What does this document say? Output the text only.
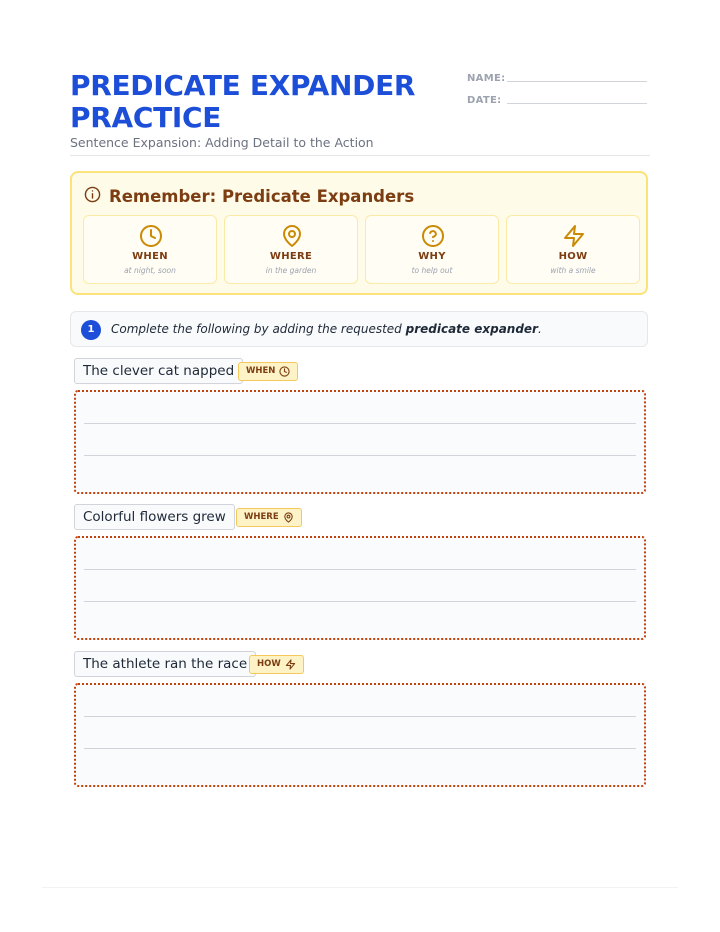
PREDICATE EXPANDER PRACTICE
Sentence Expansion: Adding Detail to the Action
NAME:
DATE:
Remember: Predicate Expanders
WHEN
at night, soon
WHERE
in the garden
WHY
to help out
HOW
with a smile
1	Complete the following by adding the requested predicate expander.
The clever cat napped	WHEN
Colorful flowers grew	WHERE
The athlete ran the race	HOW
